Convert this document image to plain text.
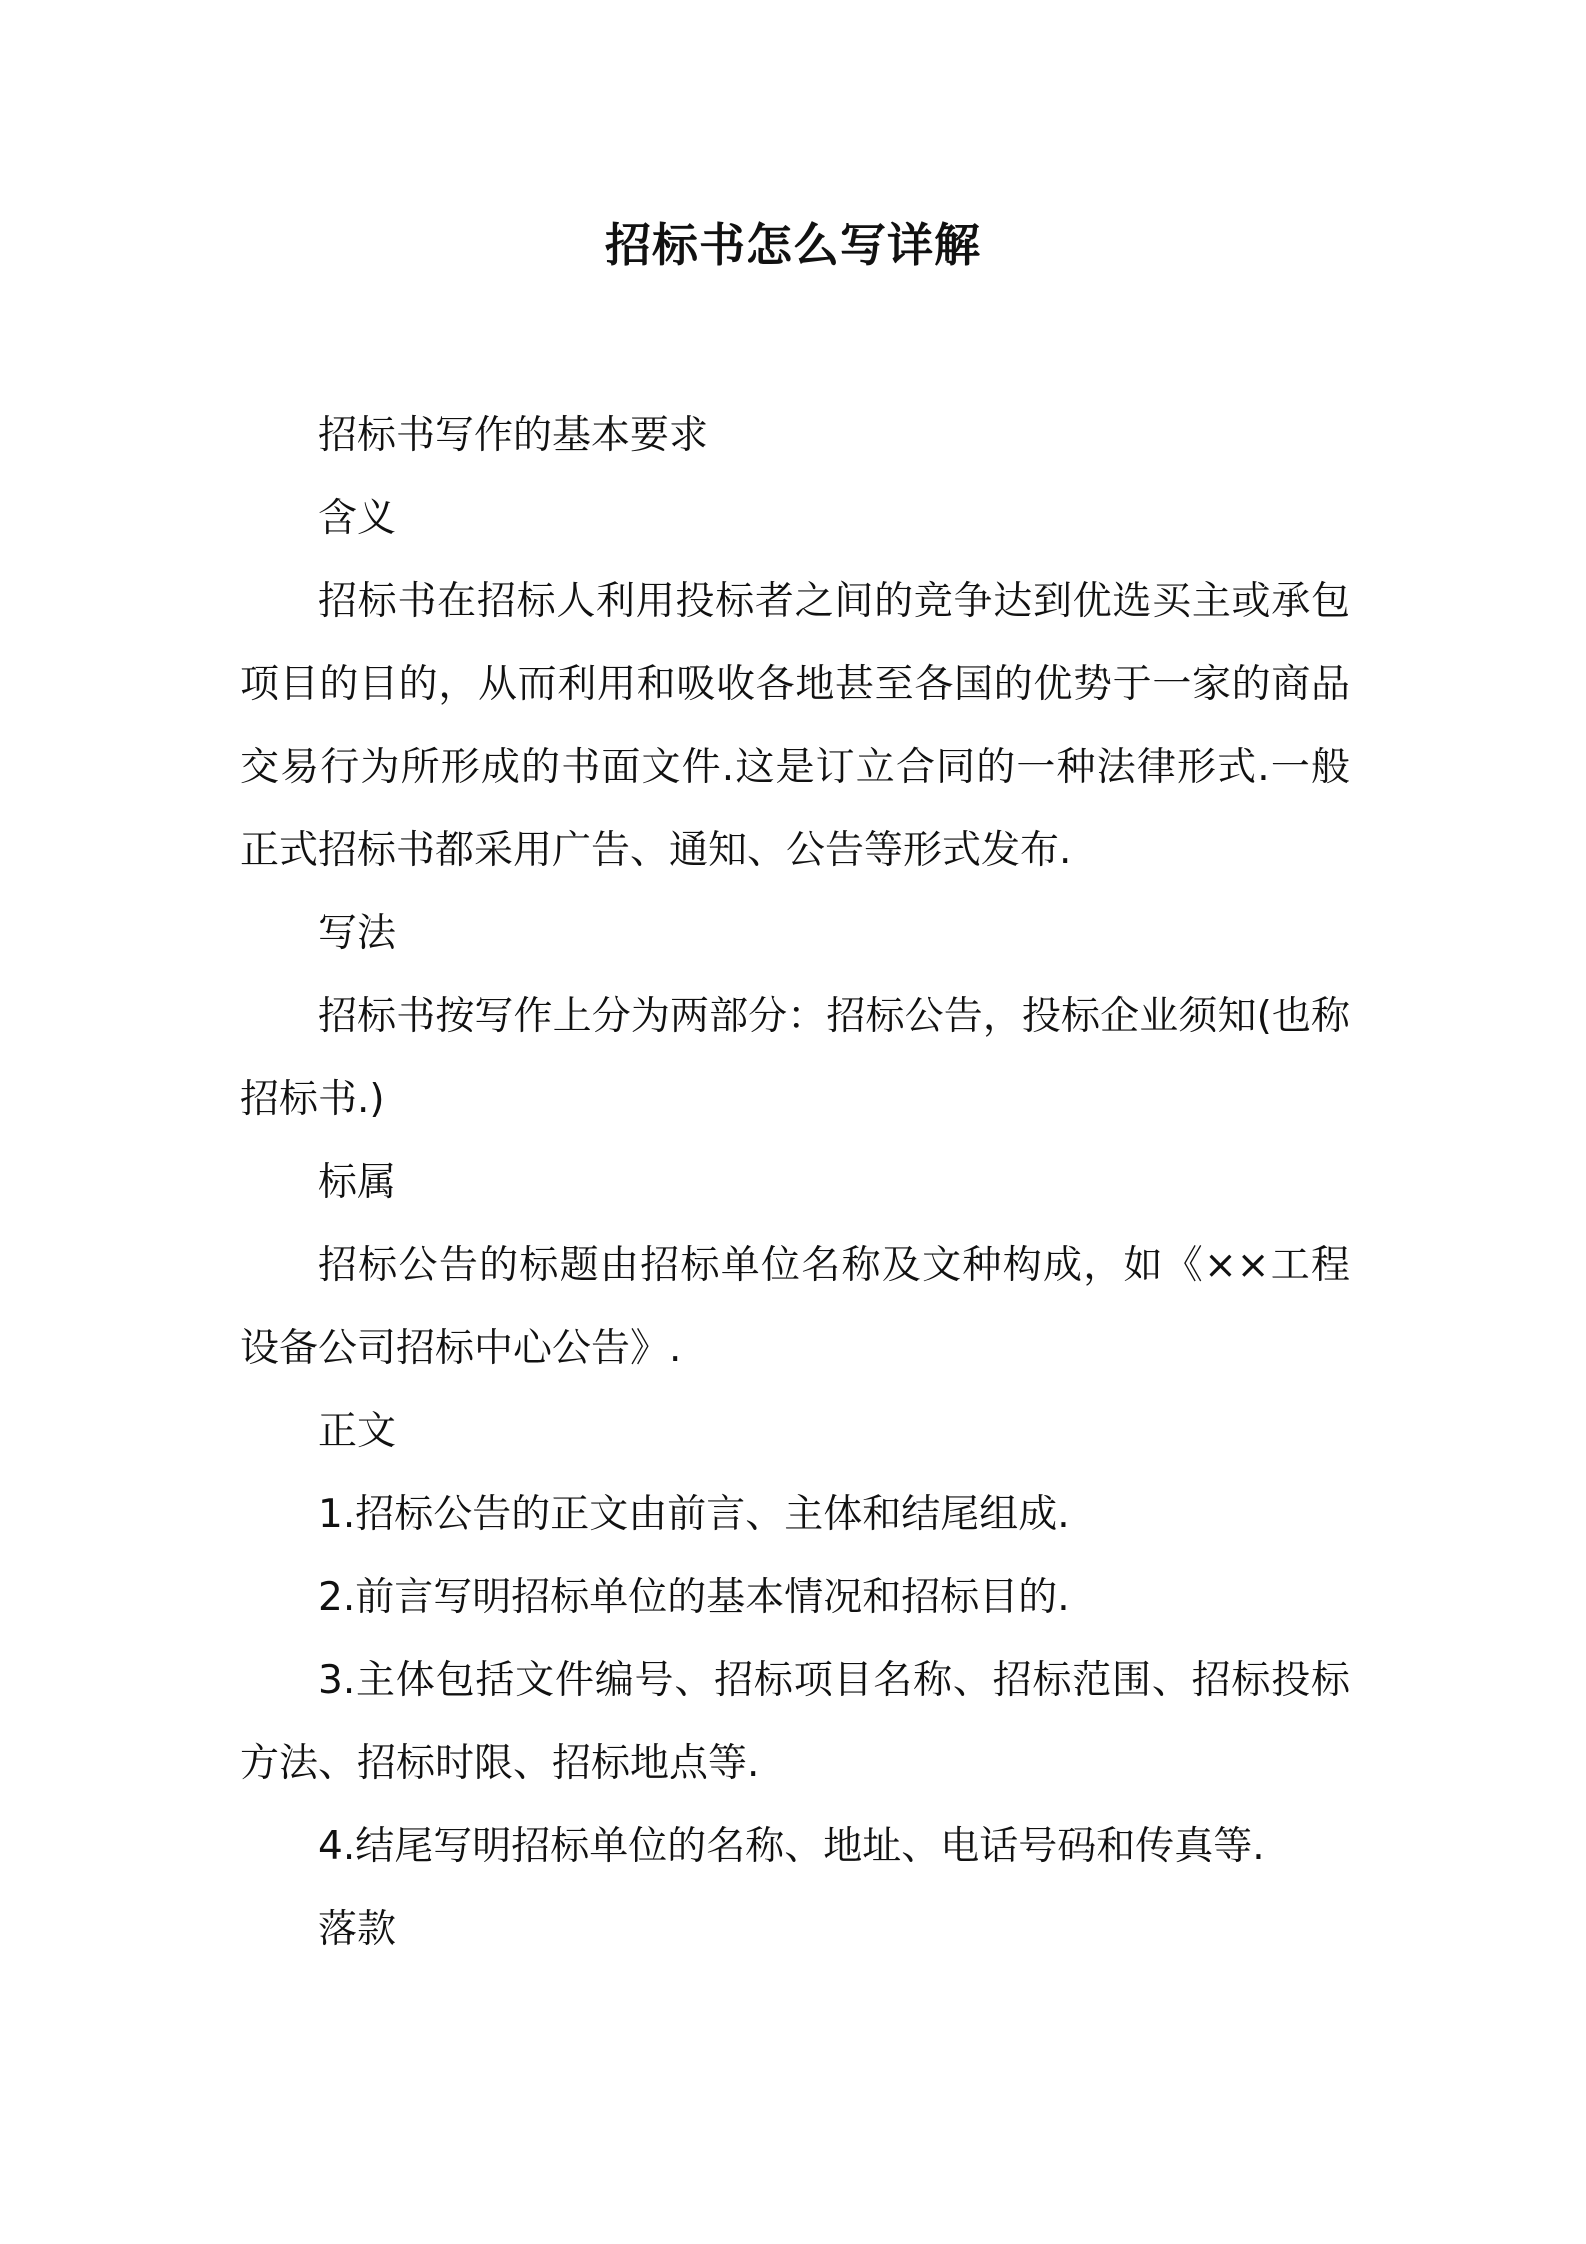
招标书怎么写详解

招标书写作的基本要求

含义

招标书在招标人利用投标者之间的竞争达到优选买主或承包项目的目的，从而利用和吸收各地甚至各国的优势于一家的商品交易行为所形成的书面文件.这是订立合同的一种法律形式.一般正式招标书都采用广告、通知、公告等形式发布.

写法

招标书按写作上分为两部分：招标公告，投标企业须知(也称招标书.)

标属

招标公告的标题由招标单位名称及文种构成，如《××工程设备公司招标中心公告》.

正文

1.招标公告的正文由前言、主体和结尾组成.

2.前言写明招标单位的基本情况和招标目的.

3.主体包括文件编号、招标项目名称、招标范围、招标投标方法、招标时限、招标地点等.

4.结尾写明招标单位的名称、地址、电话号码和传真等.

落款
